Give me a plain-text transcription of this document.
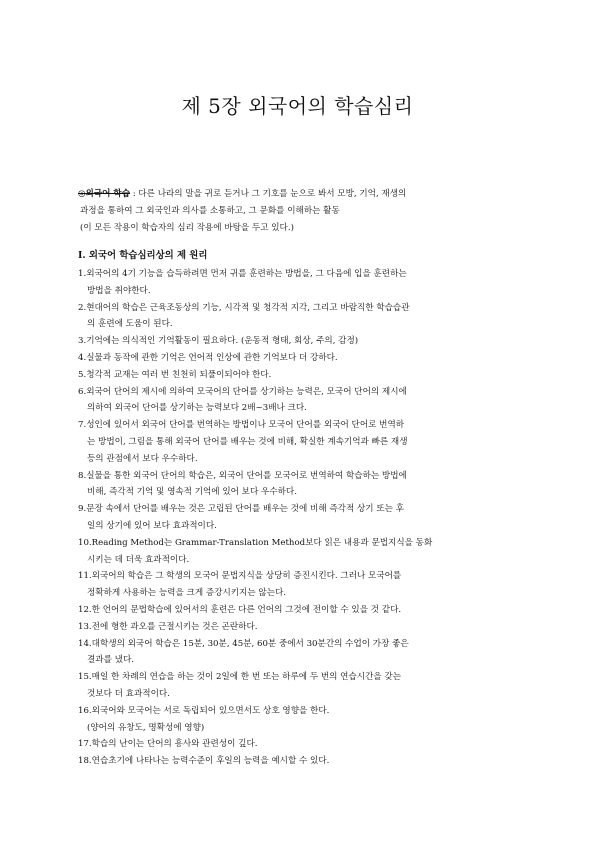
제 5장 외국어의 학습심리
◎외국어 학습 : 다른 나라의 말을 귀로 듣거나 그 기호를 눈으로 봐서 모방, 기억, 재생의
과정을 통하여 그 외국인과 의사를 소통하고, 그 문화를 이해하는 활동
(이 모든 작용이 학습자의 심리 작용에 바탕을 두고 있다.)
Ⅰ. 외국어 학습심리상의 제 원리
1.외국어의 4기 기능을 습득하려면 먼저 귀를 훈련하는 방법을, 그 다음에 입을 훈련하는
방법을 취야한다.
2.현대어의 학습은 근육조동상의 기능, 시각적 및 청각적 지각, 그리고 바람직한 학습습관
의 훈련에 도움이 된다.
3.기억에는 의식적인 기억활동이 필요하다. (운동적 형태, 회상, 주의, 감정)
4.실물과 동작에 관한 기억은 언어적 인상에 관한 기억보다 더 강하다.
5.청각적 교재는 여러 번 친천히 되풀이되어야 한다.
6.외국어 단어의 제시에 의하여 모국어의 단어를 상기하는 능력은, 모국어 단어의 제시에
의하여 외국어 단어를 상기하는 능력보다 2배~3배나 크다.
7.성인에 있어서 외국어 단어를 번역하는 방법이나 모국어 단어를 외국어 단어로 번역하
는 방법이, 그림을 통해 외국어 단어를 배우는 것에 비해, 확실한 계속기억과 빠른 재생
등의 관점에서 보다 우수하다.
8.실물을 통한 외국어 단어의 학습은, 외국어 단어를 모국어로 번역하여 학습하는 방법에
비해, 즉각적 기억 및 영속적 기억에 있어 보다 우수하다.
9.문장 속에서 단어를 배우는 것은 고립된 단어를 배우는 것에 비해 즉각적 상기 또는 후
일의 상기에 있어 보다 효과적이다.
10.Reading Method는 Grammar-Translation Method보다 읽은 내용과 문법지식을 동화
시키는 데 더욱 효과적이다.
11.외국어의 학습은 그 학생의 모국어 문법지식을 상당히 증진시킨다. 그러나 모국어를
정확하게 사용하는 능력을 크게 증강시키지는 않는다.
12.한 언어의 문법학습에 있어서의 훈련은 다른 언어의 그것에 전이할 수 있을 것 같다.
13.전에 형한 과오를 근절시키는 것은 곤란하다.
14.대학생의 외국어 학습은 15분, 30분, 45분, 60분 중에서 30분간의 수업이 가장 좋은
결과를 냈다.
15.매일 한 차례의 연습을 하는 것이 2일에 한 번 또는 하루에 두 번의 연습시간을 갖는
것보다 더 효과적이다.
16.외국어와 모국어는 서로 독립되어 있으면서도 상호 영향을 한다.
(양어의 유창도, 명확성에 영향)
17.학습의 난이는 단어의 흥사와 관련성이 깊다.
18.연습초기에 나타나는 능력수준이 후일의 능력을 예시할 수 있다.
